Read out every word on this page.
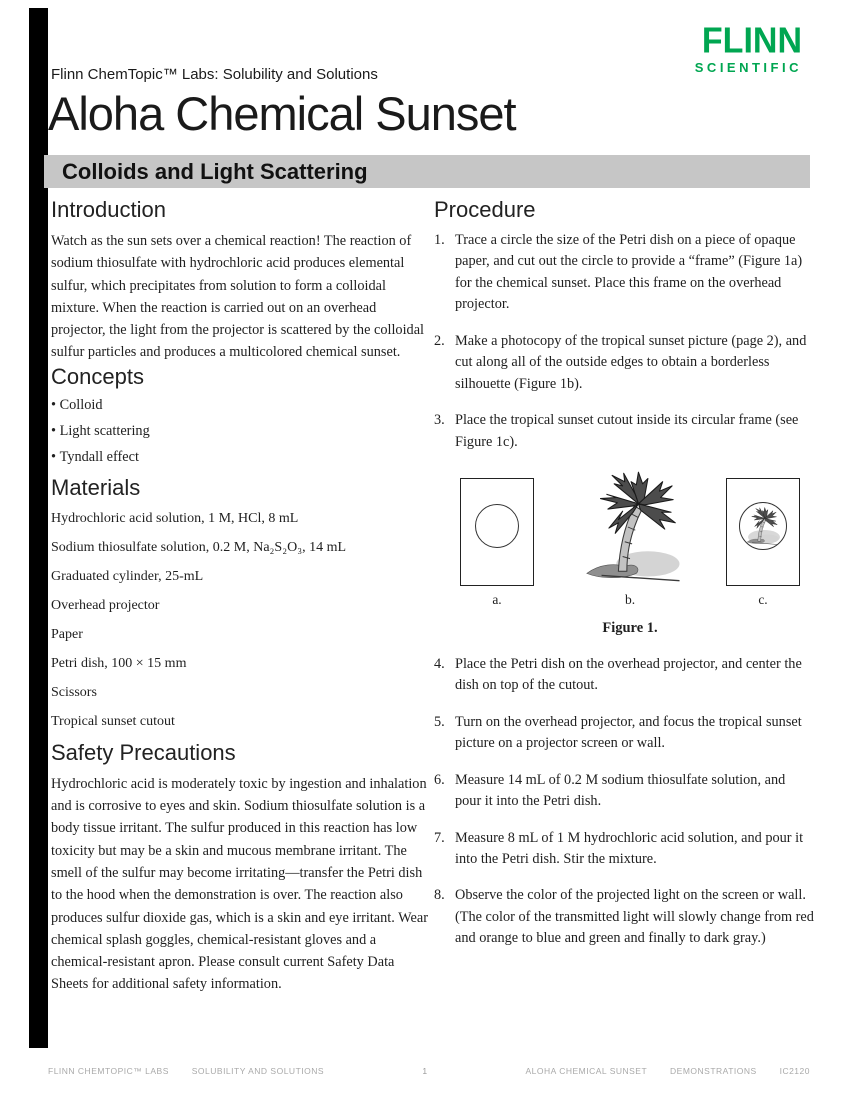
FLINN
SCIENTIFIC
Flinn ChemTopic™ Labs: Solubility and Solutions
Aloha Chemical Sunset
Colloids and Light Scattering
Introduction

Watch as the sun sets over a chemical reaction! The reaction of sodium thiosulfate with hydrochloric acid produces elemental sulfur, which precipitates from solution to form a colloidal mixture. When the reaction is carried out on an overhead projector, the light from the projector is scattered by the colloidal sulfur particles and produces a multicolored chemical sunset.

Concepts
• Colloid
• Light scattering
• Tyndall effect
Materials
Hydrochloric acid solution, 1 M, HCl, 8 mL
Sodium thiosulfate solution, 0.2 M, Na₂S₂O₃, 14 mL
Graduated cylinder, 25-mL
Overhead projector
Paper
Petri dish, 100 × 15 mm
Scissors
Tropical sunset cutout
Safety Precautions

Hydrochloric acid is moderately toxic by ingestion and inhalation and is corrosive to eyes and skin. Sodium thiosulfate solution is a body tissue irritant. The sulfur produced in this reaction has low toxicity but may be a skin and mucous membrane irritant. The smell of the sulfur may become irritating—transfer the Petri dish to the hood when the demonstration is over. The reaction also produces sulfur dioxide gas, which is a skin and eye irritant. Wear chemical splash goggles, chemical-resistant gloves and a chemical-resistant apron. Please consult current Safety Data Sheets for additional safety information.

Procedure
Trace a circle the size of the Petri dish on a piece of opaque paper, and cut out the circle to provide a “frame” (Figure 1a) for the chemical sunset. Place this frame on the overhead projector.
Make a photocopy of the tropical sunset picture (page 2), and cut along all of the outside edges to obtain a borderless silhouette (Figure 1b).
Place the tropical sunset cutout inside its circular frame (see Figure 1c).
a.	b.	c.
Figure 1.
Place the Petri dish on the overhead projector, and center the dish on top of the cutout.
Turn on the overhead projector, and focus the tropical sunset picture on a projector screen or wall.
Measure 14 mL of 0.2 M sodium thiosulfate solution, and pour it into the Petri dish.
Measure 8 mL of 1 M hydrochloric acid solution, and pour it into the Petri dish. Stir the mixture.
Observe the color of the projected light on the screen or wall. (The color of the transmitted light will slowly change from red and orange to blue and green and finally to dark gray.)
FLINN CHEMTOPIC™ LABS	SOLUBILITY AND SOLUTIONS	1	ALOHA CHEMICAL SUNSET	DEMONSTRATIONS	IC2120
